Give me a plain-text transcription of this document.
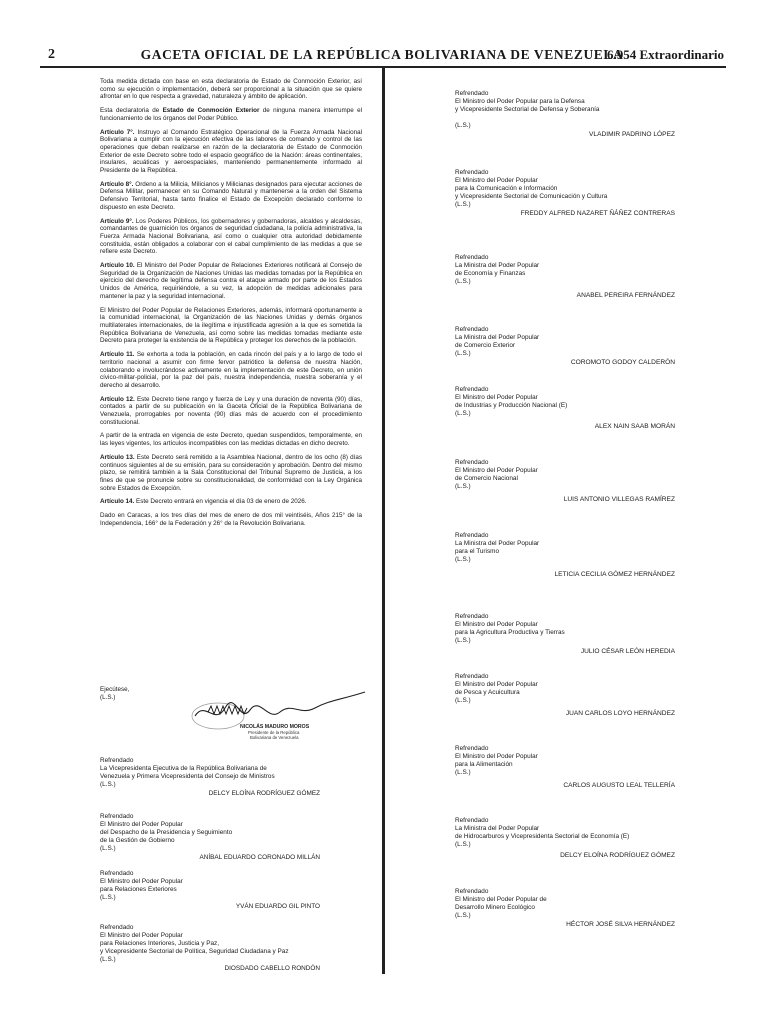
2	GACETA OFICIAL DE LA REPÚBLICA BOLIVARIANA DE VENEZUELA
6.954 Extraordinario

Toda medida dictada con base en esta declaratoria de Estado de Conmoción Exterior, así como su ejecución o implementación, deberá ser proporcional a la situación que se quiere afrontar en lo que respecta a gravedad, naturaleza y ámbito de aplicación.

Esta declaratoria de Estado de Conmoción Exterior de ninguna manera interrumpe el funcionamiento de los órganos del Poder Público.

Artículo 7°. Instruyo al Comando Estratégico Operacional de la Fuerza Armada Nacional Bolivariana a cumplir con la ejecución efectiva de las labores de comando y control de las operaciones que deban realizarse en razón de la declaratoria de Estado de Conmoción Exterior de este Decreto sobre todo el espacio geográfico de la Nación: áreas continentales, insulares, acuáticas y aeroespaciales, manteniendo permanentemente informado al Presidente de la República.

Artículo 8°. Ordeno a la Milicia, Milicianos y Milicianas designados para ejecutar acciones de Defensa Militar, permanecer en su Comando Natural y mantenerse a la orden del Sistema Defensivo Territorial, hasta tanto finalice el Estado de Excepción declarado conforme lo dispuesto en este Decreto.

Artículo 9°. Los Poderes Públicos, los gobernadores y gobernadoras, alcaldes y alcaldesas, comandantes de guarnición los órganos de seguridad ciudadana, la policía administrativa, la Fuerza Armada Nacional Bolivariana, así como o cualquier otra autoridad debidamente constituida, están obligados a colaborar con el cabal cumplimiento de las medidas a que se refiere este Decreto.

Artículo 10. El Ministro del Poder Popular de Relaciones Exteriores notificará al Consejo de Seguridad de la Organización de Naciones Unidas las medidas tomadas por la República en ejercicio del derecho de legítima defensa contra el ataque armado por parte de los Estados Unidos de América, requiriéndole, a su vez, la adopción de medidas adicionales para mantener la paz y la seguridad internacional.

El Ministro del Poder Popular de Relaciones Exteriores, además, informará oportunamente a la comunidad internacional, la Organización de las Naciones Unidas y demás órganos multilaterales internacionales, de la ilegítima e injustificada agresión a la que es sometida la República Bolivariana de Venezuela, así como sobre las medidas tomadas mediante este Decreto para proteger la existencia de la República y proteger los derechos de la población.

Artículo 11. Se exhorta a toda la población, en cada rincón del país y a lo largo de todo el territorio nacional a asumir con firme fervor patriótico la defensa de nuestra Nación, colaborando e involucrándose activamente en la implementación de este Decreto, en unión cívico-militar-policial, por la paz del país, nuestra independencia, nuestra soberanía y el derecho al desarrollo.

Artículo 12. Este Decreto tiene rango y fuerza de Ley y una duración de noventa (90) días, contados a partir de su publicación en la Gaceta Oficial de la República Bolivariana de Venezuela, prorrogables por noventa (90) días más de acuerdo con el procedimiento constitucional.

A partir de la entrada en vigencia de este Decreto, quedan suspendidos, temporalmente, en las leyes vigentes, los artículos incompatibles con las medidas dictadas en dicho decreto.

Artículo 13. Este Decreto será remitido a la Asamblea Nacional, dentro de los ocho (8) días continuos siguientes al de su emisión, para su consideración y aprobación. Dentro del mismo plazo, se remitirá también a la Sala Constitucional del Tribunal Supremo de Justicia, a los fines de que se pronuncie sobre su constitucionalidad, de conformidad con la Ley Orgánica sobre Estados de Excepción.

Artículo 14. Este Decreto entrará en vigencia el día 03 de enero de 2026.

Dado en Caracas, a los tres días del mes de enero de dos mil veintiséis, Años 215° de la Independencia, 166° de la Federación y 26° de la Revolución Bolivariana.

Ejecútese,
(L.S.)
NICOLÁS MADURO MOROS
Presidente de la República
Bolivariana de Venezuela
Refrendado
La Vicepresidenta Ejecutiva de la República Bolivariana de
Venezuela y Primera Vicepresidenta del Consejo de Ministros
(L.S.)
DELCY ELOÍNA RODRÍGUEZ GÓMEZ
Refrendado
El Ministro del Poder Popular
del Despacho de la Presidencia y Seguimiento
de la Gestión de Gobierno
(L.S.)
ANÍBAL EDUARDO CORONADO MILLÁN
Refrendado
El Ministro del Poder Popular
para Relaciones Exteriores
(L.S.)
YVÁN EDUARDO GIL PINTO
Refrendado
El Ministro del Poder Popular
para Relaciones Interiores, Justicia y Paz,
y Vicepresidente Sectorial de Política, Seguridad Ciudadana y Paz
(L.S.)
DIOSDADO CABELLO RONDÓN
Refrendado
El Ministro del Poder Popular para la Defensa
y Vicepresidente Sectorial de Defensa y Soberanía
(L.S.)
VLADIMIR PADRINO LÓPEZ
Refrendado
El Ministro del Poder Popular
para la Comunicación e Información
y Vicepresidente Sectorial de Comunicación y Cultura
(L.S.)
FREDDY ALFRED NAZARET ÑÁÑEZ CONTRERAS
Refrendado
La Ministra del Poder Popular
de Economía y Finanzas
(L.S.)
ANABEL PEREIRA FERNÁNDEZ
Refrendado
La Ministra del Poder Popular
de Comercio Exterior
(L.S.)
COROMOTO GODOY CALDERÓN
Refrendado
El Ministro del Poder Popular
de Industrias y Producción Nacional (E)
(L.S.)
ALEX NAIN SAAB MORÁN
Refrendado
El Ministro del Poder Popular
de Comercio Nacional
(L.S.)
LUIS ANTONIO VILLEGAS RAMÍREZ
Refrendado
La Ministra del Poder Popular
para el Turismo
(L.S.)
LETICIA CECILIA GÓMEZ HERNÁNDEZ
Refrendado
El Ministro del Poder Popular
para la Agricultura Productiva y Tierras
(L.S.)
JULIO CÉSAR LEÓN HEREDIA
Refrendado
El Ministro del Poder Popular
de Pesca y Acuicultura
(L.S.)
JUAN CARLOS LOYO HERNÁNDEZ
Refrendado
El Ministro del Poder Popular
para la Alimentación
(L.S.)
CARLOS AUGUSTO LEAL TELLERÍA
Refrendado
La Ministra del Poder Popular
de Hidrocarburos y Vicepresidenta Sectorial de Economía (E)
(L.S.)
DELCY ELOÍNA RODRÍGUEZ GÓMEZ
Refrendado
El Ministro del Poder Popular de
Desarrollo Minero Ecológico
(L.S.)
HÉCTOR JOSÉ SILVA HERNÁNDEZ
